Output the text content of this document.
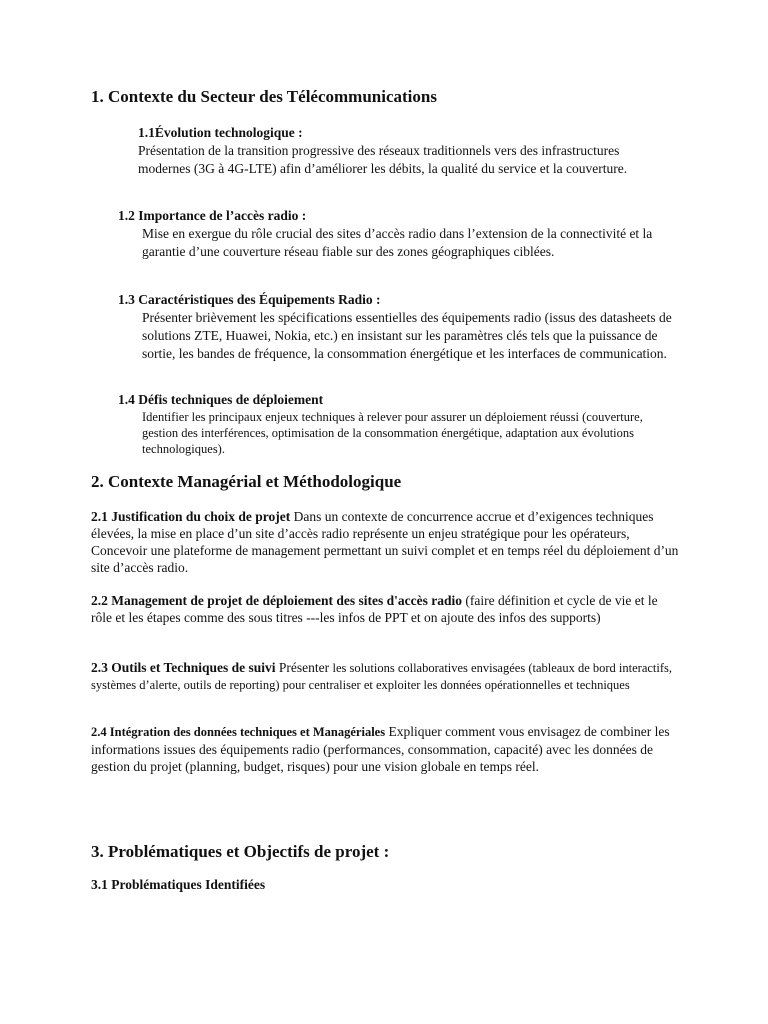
1. Contexte du Secteur des Télécommunications
1.1Évolution technologique :
Présentation de la transition progressive des réseaux traditionnels vers des infrastructures modernes (3G à 4G-LTE) afin d’améliorer les débits, la qualité du service et la couverture.
1.2 Importance de l’accès radio :
Mise en exergue du rôle crucial des sites d’accès radio dans l’extension de la connectivité et la garantie d’une couverture réseau fiable sur des zones géographiques ciblées.
1.3 Caractéristiques des Équipements Radio :
Présenter brièvement les spécifications essentielles des équipements radio (issus des datasheets de solutions ZTE, Huawei, Nokia, etc.) en insistant sur les paramètres clés tels que la puissance de sortie, les bandes de fréquence, la consommation énergétique et les interfaces de communication.
1.4 Défis techniques de déploiement
Identifier les principaux enjeux techniques à relever pour assurer un déploiement réussi (couverture, gestion des interférences, optimisation de la consommation énergétique, adaptation aux évolutions technologiques).
2. Contexte Managérial et Méthodologique

2.1 Justification du choix de projet Dans un contexte de concurrence accrue et d’exigences techniques élevées, la mise en place d’un site d’accès radio représente un enjeu stratégique pour les opérateurs, Concevoir une plateforme de management permettant un suivi complet et en temps réel du déploiement d’un site d’accès radio.

2.2 Management de projet de déploiement des sites d'accès radio (faire définition et cycle de vie et le rôle et les étapes comme des sous titres ---les infos de PPT et on ajoute des infos des supports)

2.3 Outils et Techniques de suivi Présenter les solutions collaboratives envisagées (tableaux de bord interactifs, systèmes d’alerte, outils de reporting) pour centraliser et exploiter les données opérationnelles et techniques

2.4 Intégration des données techniques et Managériales Expliquer comment vous envisagez de combiner les informations issues des équipements radio (performances, consommation, capacité) avec les données de gestion du projet (planning, budget, risques) pour une vision globale en temps réel.

3. Problématiques et Objectifs de projet :
3.1 Problématiques Identifiées
